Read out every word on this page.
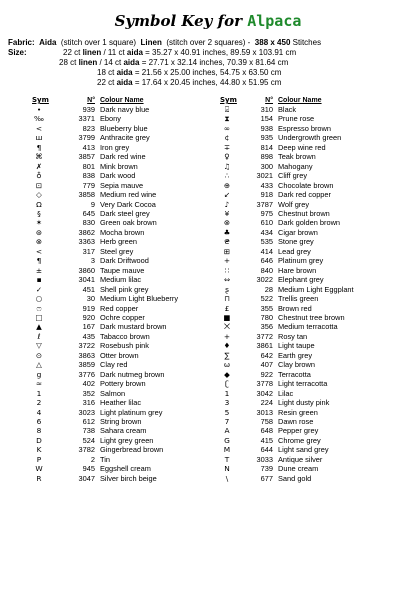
Symbol Key for Alpaca
Fabric: Aida (stitch over 1 square) Linen (stitch over 2 squares) - 388 x 450 Stitches
Size:	22 ct linen / 11 ct aida = 35.27 x 40.91 inches, 89.59 x 103.91 cm
28 ct linen / 14 ct aida = 27.71 x 32.14 inches, 70.39 x 81.64 cm
18 ct aida = 21.56 x 25.00 inches, 54.75 x 63.50 cm
22 ct aida = 17.64 x 20.45 inches, 44.80 x 51.95 cm
Sym	N°	Colour Name
•	939	Dark navy blue
‰	3371	Ebony
<	823	Blueberry blue
ш	3799	Anthracite grey
¶	413	Iron grey
⌘	3857	Dark red wine
✗	801	Mink brown
♁	838	Dark wood
⊡	779	Sepia mauve
◇	3858	Medium red wine
Ω	9	Very Dark Cocoa
§	645	Dark steel grey
✶	830	Green oak brown
⊛	3862	Mocha brown
⊗	3363	Herb green
<	317	Steel grey
¶	3	Dark Driftwood
±	3860	Taupe mauve
▪	3041	Medium lilac
✓	451	Shell pink grey
○	30	Medium Light Blueberry
ෆ	919	Red copper
□	920	Ochre copper
▲	167	Dark mustard brown
ℓ	435	Tabacco brown
▽	3722	Rosebush pink
⊙	3863	Otter brown
△	3859	Clay red
g	3776	Dark nutmeg brown
≈	402	Pottery brown
1	352	Salmon
2	316	Heather lilac
4	3023	Light platinum grey
6	612	String brown
8	738	Sahara cream
D	524	Light grey green
K	3782	Gingerbread brown
P	2	Tin
W	945	Eggshell cream
R	3047	Silver birch beige
Sym	N°	Colour Name
⍃	310	Black
⧗	154	Prune rose
∞	938	Espresso brown
¢	935	Undergrowth green
∓	814	Deep wine red
♀	898	Teak brown
♫	300	Mahogany
∴	3021	Cliff grey
⊕	433	Chocolate brown
↙	918	Dark red copper
♪	3787	Wolf grey
¥	975	Chestnut brown
⊗	610	Dark golden brown
♣	434	Cigar brown
₴	535	Stone grey
⊞	414	Lead grey
+	646	Platinum grey
∷	840	Hare brown
⇔	3022	Elephant grey
ʂ	28	Medium Light Eggplant
⊓	522	Trellis green
£	355	Brown red
■	780	Chestnut tree brown
⨉	356	Medium terracotta
+	3772	Rosy tan
♦	3861	Light taupe
∑	642	Earth grey
ω	407	Clay brown
◆	922	Terracotta
ʗ	3778	Light terracotta
1	3042	Lilac
3	224	Light dusty pink
5	3013	Resin green
7	758	Dawn rose
A	648	Pepper grey
G	415	Chrome grey
M	644	Light sand grey
T	3033	Antique silver
N	739	Dune cream
\	677	Sand gold
